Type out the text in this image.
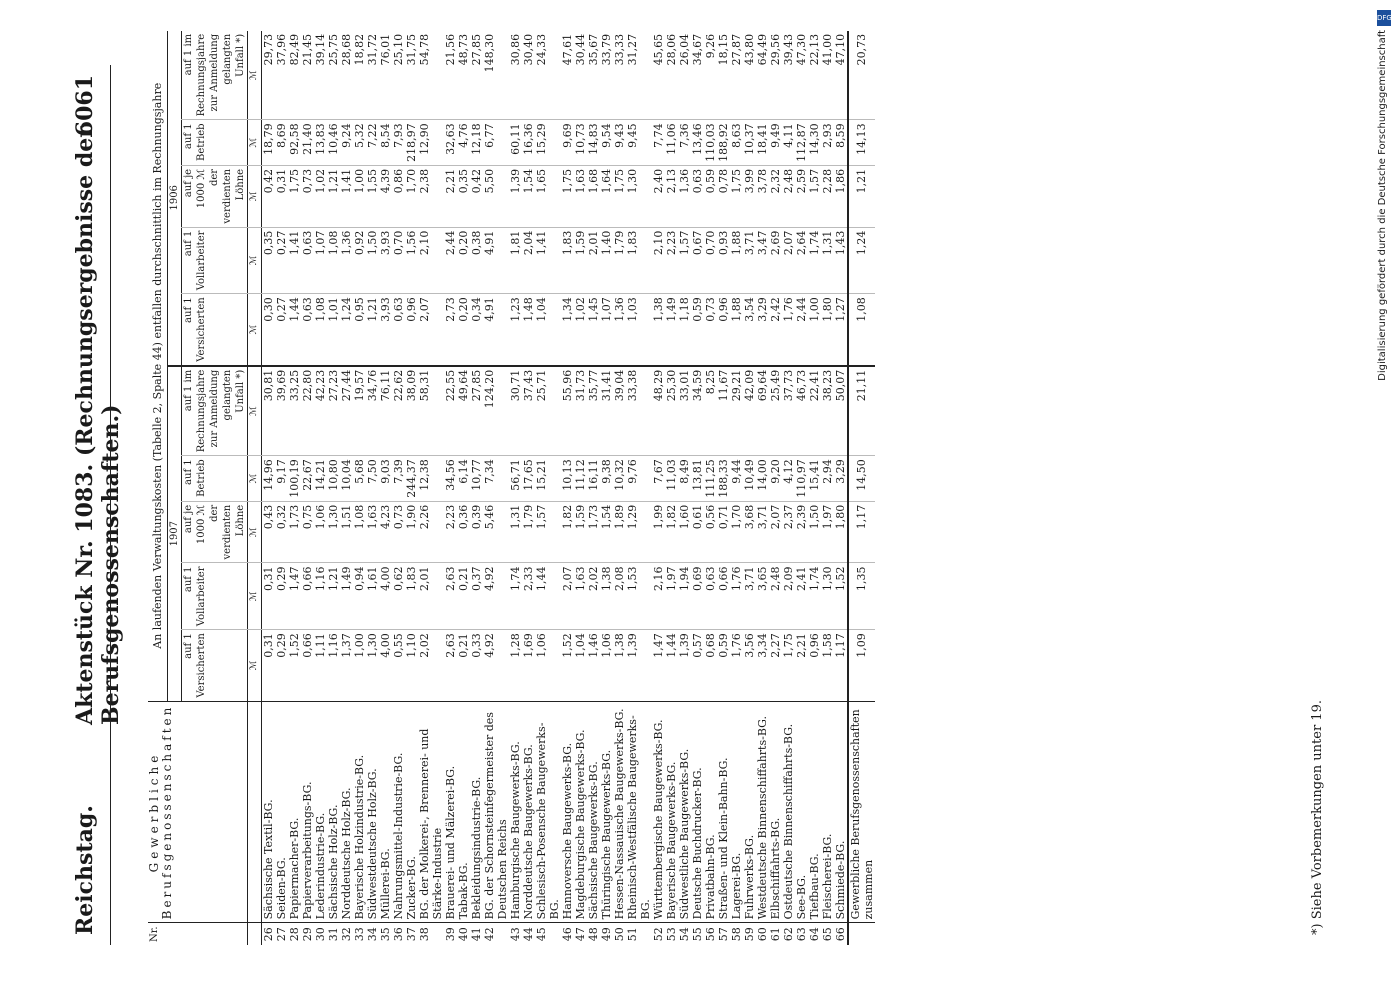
Reichstag.
Aktenstück Nr. 1083. (Rechnungsergebnisse der Berufsgenossenschaften.)
6061
Nr.	Gewerbliche Berufsgenossenschaften	An laufenden Verwaltungskosten (Tabelle 2, Spalte 44) entfallen durchschnittlich im Rechnungsjahre									
		1907					1906				
		auf 1 Versicherten	auf 1 Vollarbeiter	auf je 1000 ℳ der verdienten Löhne	auf 1 Betrieb	auf 1 im Rechnungsjahre zur Anmeldung gelangten Unfall *)	auf 1 Versicherten	auf 1 Vollarbeiter	auf je 1000 ℳ der verdienten Löhne	auf 1 Betrieb	auf 1 im Rechnungsjahre zur Anmeldung gelangten Unfall *)
		ℳ	ℳ	ℳ	ℳ	ℳ	ℳ	ℳ	ℳ	ℳ	ℳ
26	Sächsische Textil-BG.	0,31	0,31	0,43	14,96	30,81	0,30	0,35	0,42	18,79	29,73
27	Seiden-BG.	0,29	0,29	0,32	9,17	39,69	0,27	0,27	0,31	8,69	37,96
28	Papiermacher-BG.	1,52	1,47	1,73	100,19	33,25	1,44	1,41	1,75	92,58	82,49
29	Papierverarbeitungs-BG.	0,66	0,66	0,75	22,67	22,80	0,63	0,63	0,73	21,40	21,45
30	Lederindustrie-BG.	1,11	1,16	1,06	14,21	42,23	1,08	1,07	1,02	13,83	39,14
31	Sächsische Holz-BG.	1,16	1,21	1,30	10,80	27,23	1,01	1,08	1,21	10,46	25,75
32	Norddeutsche Holz-BG.	1,37	1,49	1,51	10,04	27,44	1,24	1,36	1,41	9,24	28,68
33	Bayerische Holzindustrie-BG.	1,00	0,94	1,08	5,68	19,57	0,95	0,92	1,00	5,32	18,82
34	Südwestdeutsche Holz-BG.	1,30	1,61	1,63	7,50	34,76	1,21	1,50	1,55	7,22	31,72
35	Müllerei-BG.	4,00	4,00	4,23	9,03	76,11	3,93	3,93	4,39	8,54	76,01
36	Nahrungsmittel-Industrie-BG.	0,55	0,62	0,73	7,39	22,62	0,63	0,70	0,86	7,93	25,10
37	Zucker-BG.	1,10	1,83	1,90	244,37	38,09	0,96	1,56	1,70	218,97	31,75
38	BG. der Molkerei-, Brennerei- und Stärke-Industrie	2,02	2,01	2,26	12,38	58,31	2,07	2,10	2,38	12,90	54,78
39	Brauerei- und Mälzerei-BG.	2,63	2,63	2,23	34,56	22,55	2,73	2,44	2,21	32,63	21,56
40	Tabak-BG.	0,21	0,21	0,36	6,14	49,64	0,20	0,20	0,35	4,76	48,73
41	Bekleidungsindustrie-BG.	0,33	0,37	0,39	10,77	27,85	0,34	0,38	0,42	12,18	27,85
42	BG. der Schornsteinfegermeister des Deutschen Reichs	4,92	4,92	5,46	7,34	124,20	4,91	4,91	5,50	6,77	148,30
43	Hamburgische Baugewerks-BG.	1,28	1,74	1,31	56,71	30,71	1,23	1,81	1,39	60,11	30,86
44	Norddeutsche Baugewerks-BG.	1,69	2,33	1,79	17,65	37,43	1,48	2,04	1,54	16,36	30,40
45	Schlesisch-Posensche Baugewerks-BG.	1,06	1,44	1,57	15,21	25,71	1,04	1,41	1,65	15,29	24,33
46	Hannoversche Baugewerks-BG.	1,52	2,07	1,82	10,13	55,96	1,34	1,83	1,75	9,69	47,61
47	Magdeburgische Baugewerks-BG.	1,04	1,63	1,59	11,12	31,73	1,02	1,59	1,63	10,73	30,44
48	Sächsische Baugewerks-BG.	1,46	2,02	1,73	16,11	35,77	1,45	2,01	1,68	14,83	35,67
49	Thüringische Baugewerks-BG.	1,06	1,38	1,54	9,38	31,41	1,07	1,40	1,64	9,54	33,79
50	Hessen-Nassauische Baugewerks-BG.	1,38	2,08	1,89	10,32	39,04	1,36	1,79	1,75	9,43	33,33
51	Rheinisch-Westfälische Baugewerks-BG.	1,39	1,53	1,29	9,76	33,38	1,03	1,83	1,30	9,45	31,27
52	Württembergische Baugewerks-BG.	1,47	2,16	1,99	7,67	48,29	1,38	2,10	2,40	7,74	45,65
53	Bayerische Baugewerks-BG.	1,44	1,97	1,82	11,03	25,30	1,49	2,23	2,13	11,06	28,06
54	Südwestliche Baugewerks-BG.	1,39	1,94	1,60	8,49	33,01	1,18	1,57	1,36	7,36	26,04
55	Deutsche Buchdrucker-BG.	0,57	0,69	0,61	13,81	34,59	0,59	0,67	0,63	13,46	34,67
56	Privatbahn-BG.	0,68	0,63	0,56	111,25	8,25	0,73	0,70	0,59	110,03	9,26
57	Straßen- und Klein-Bahn-BG.	0,59	0,66	0,71	188,33	11,67	0,96	0,93	0,78	188,92	18,15
58	Lagerei-BG.	1,76	1,76	1,70	9,44	29,21	1,88	1,88	1,75	8,63	27,87
59	Fuhrwerks-BG.	3,56	3,71	3,68	10,49	42,09	3,54	3,71	3,99	10,37	43,80
60	Westdeutsche Binnenschiffahrts-BG.	3,34	3,65	3,71	14,00	69,64	3,29	3,47	3,78	18,41	64,49
61	Elbschiffahrts-BG.	2,27	2,48	2,07	9,20	25,49	2,42	2,69	2,32	9,49	29,56
62	Ostdeutsche Binnenschiffahrts-BG.	1,75	2,09	2,37	4,12	37,73	1,76	2,07	2,48	4,11	39,43
63	See-BG.	2,21	2,41	2,39	110,97	46,73	2,44	2,64	2,59	112,87	47,30
64	Tiefbau-BG.	0,96	1,74	1,50	15,41	22,41	1,00	1,74	1,57	14,30	22,13
65	Fleischerei-BG.	1,58	1,30	1,97	2,94	38,23	1,80	1,31	2,28	2,93	41,00
66	Schmiede-BG.	1,17	1,52	1,80	3,29	50,07	1,27	1,43	1,86	8,59	47,10
	Gewerbliche Berufsgenossenschaften zusammen	1,09	1,35	1,17	14,50	21,11	1,08	1,24	1,21	14,13	20,73
*) Siehe Vorbemerkungen unter 19.
DFG
Digitalisierung gefördert durch die Deutsche Forschungsgemeinschaft
